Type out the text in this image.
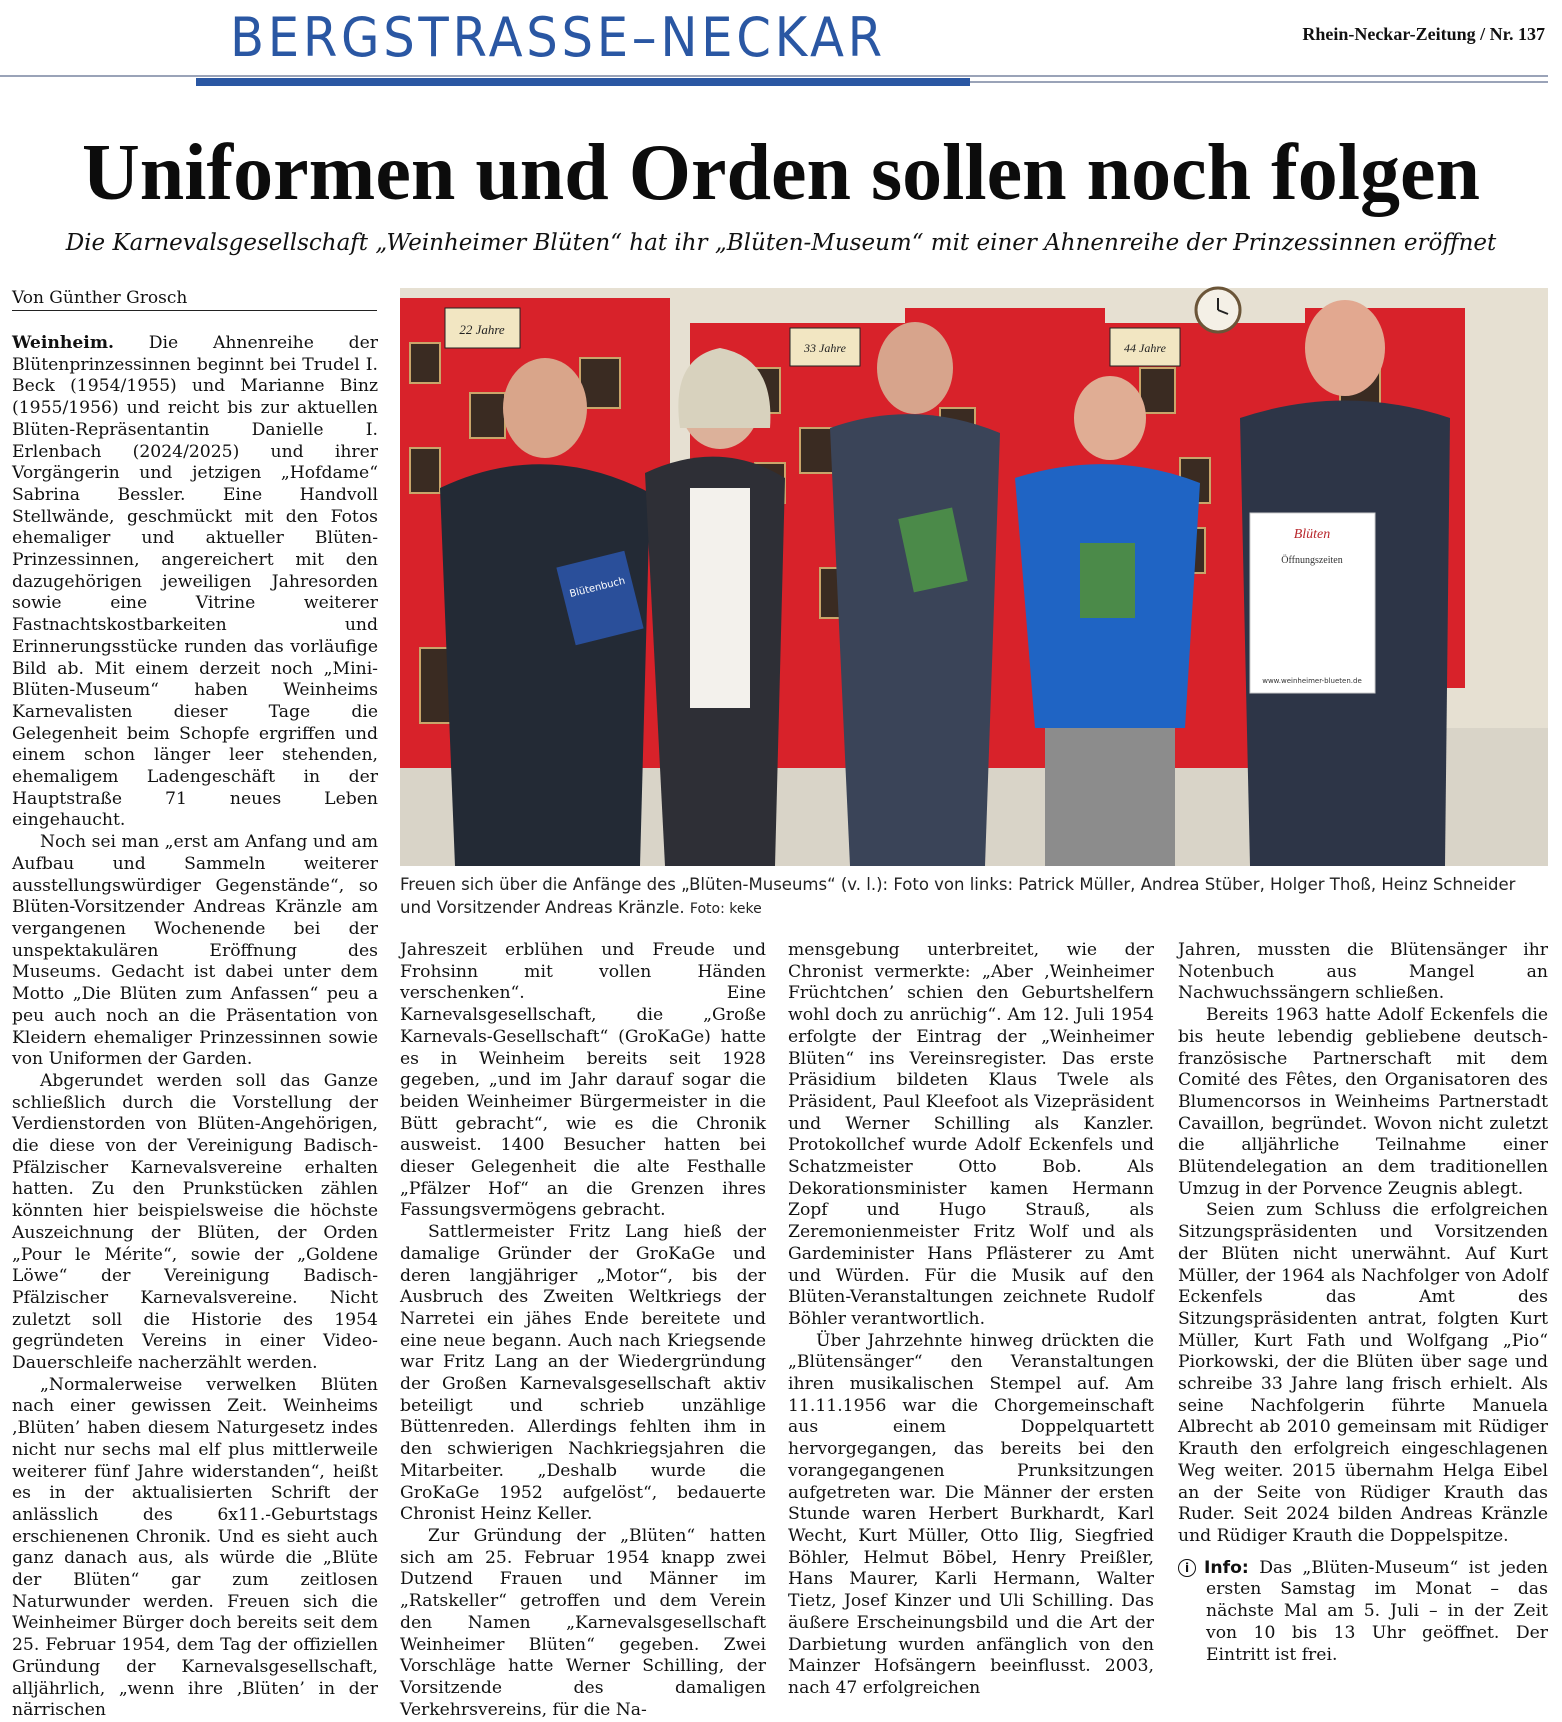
BERGSTRASSE–NECKAR	Rhein-Neckar-Zeitung / Nr. 137
Uniformen und Orden sollen noch folgen
Die Karnevalsgesellschaft „Weinheimer Blüten“ hat ihr „Blüten-Museum“ mit einer Ahnenreihe der Prinzessinnen eröffnet
Von Günther Grosch

Weinheim. Die Ahnenreihe der Blütenprinzessinnen beginnt bei Trudel I. Beck (1954/1955) und Marianne Binz (1955/1956) und reicht bis zur aktuellen Blüten-Repräsentantin Danielle I. Erlenbach (2024/2025) und ihrer Vorgängerin und jetzigen „Hofdame“ Sabrina Bessler. Eine Handvoll Stellwände, geschmückt mit den Fotos ehemaliger und aktueller Blüten-Prinzessinnen, angereichert mit den dazugehörigen jeweiligen Jahresorden sowie eine Vitrine weiterer Fastnachtskostbarkeiten und Erinnerungsstücke runden das vorläufige Bild ab. Mit einem derzeit noch „Mini-Blüten-Museum“ haben Weinheims Karnevalisten dieser Tage die Gelegenheit beim Schopfe ergriffen und einem schon länger leer stehenden, ehemaligem Ladengeschäft in der Hauptstraße 71 neues Leben eingehaucht.

Noch sei man „erst am Anfang und am Aufbau und Sammeln weiterer ausstellungswürdiger Gegenstände“, so Blüten-Vorsitzender Andreas Kränzle am vergangenen Wochenende bei der unspektakulären Eröffnung des Museums. Gedacht ist dabei unter dem Motto „Die Blüten zum Anfassen“ peu a peu auch noch an die Präsentation von Kleidern ehemaliger Prinzessinnen sowie von Uniformen der Garden.

Abgerundet werden soll das Ganze schließlich durch die Vorstellung der Verdienstorden von Blüten-Angehörigen, die diese von der Vereinigung Badisch-Pfälzischer Karnevalsvereine erhalten hatten. Zu den Prunkstücken zählen könnten hier beispielsweise die höchste Auszeichnung der Blüten, der Orden „Pour le Mérite“, sowie der „Goldene Löwe“ der Vereinigung Badisch-Pfälzischer Karnevalsvereine. Nicht zuletzt soll die Historie des 1954 gegründeten Vereins in einer Video-Dauerschleife nacherzählt werden.

„Normalerweise verwelken Blüten nach einer gewissen Zeit. Weinheims ‚Blüten’ haben diesem Naturgesetz indes nicht nur sechs mal elf plus mittlerweile weiterer fünf Jahre widerstanden“, heißt es in der aktualisierten Schrift der anlässlich des 6x11.-Geburtstags erschienenen Chronik. Und es sieht auch ganz danach aus, als würde die „Blüte der Blüten“ gar zum zeitlosen Naturwunder werden. Freuen sich die Weinheimer Bürger doch bereits seit dem 25. Februar 1954, dem Tag der offiziellen Gründung der Karnevalsgesellschaft, alljährlich, „wenn ihre ‚Blüten’ in der närrischen

22 Jahre
33 Jahre	44 Jahre
Blütenbuch
Blüten
Öffnungszeiten
www.weinheimer-blueten.de
Freuen sich über die Anfänge des „Blüten-Museums“ (v. l.): Foto von links: Patrick Müller, Andrea Stüber, Holger Thoß, Heinz Schneider und Vorsitzender Andreas Kränzle. Foto: keke

Jahreszeit erblühen und Freude und Frohsinn mit vollen Händen verschenken“. Eine Karnevalsgesellschaft, die „Große Karnevals-Gesellschaft“ (GroKaGe) hatte es in Weinheim bereits seit 1928 gegeben, „und im Jahr darauf sogar die beiden Weinheimer Bürgermeister in die Bütt gebracht“, wie es die Chronik ausweist. 1400 Besucher hatten bei dieser Gelegenheit die alte Festhalle „Pfälzer Hof“ an die Grenzen ihres Fassungsvermögens gebracht.

Sattlermeister Fritz Lang hieß der damalige Gründer der GroKaGe und deren langjähriger „Motor“, bis der Ausbruch des Zweiten Weltkriegs der Narretei ein jähes Ende bereitete und eine neue begann. Auch nach Kriegsende war Fritz Lang an der Wiedergründung der Großen Karnevalsgesellschaft aktiv beteiligt und schrieb unzählige Büttenreden. Allerdings fehlten ihm in den schwierigen Nachkriegsjahren die Mitarbeiter. „Deshalb wurde die GroKaGe 1952 aufgelöst“, bedauerte Chronist Heinz Keller.

Zur Gründung der „Blüten“ hatten sich am 25. Februar 1954 knapp zwei Dutzend Frauen und Männer im „Ratskeller“ getroffen und dem Verein den Namen „Karnevalsgesellschaft Weinheimer Blüten“ gegeben. Zwei Vorschläge hatte Werner Schilling, der Vorsitzende des damaligen Verkehrsvereins, für die Na-

mensgebung unterbreitet, wie der Chronist vermerkte: „Aber ‚Weinheimer Früchtchen’ schien den Geburtshelfern wohl doch zu anrüchig“. Am 12. Juli 1954 erfolgte der Eintrag der „Weinheimer Blüten“ ins Vereinsregister. Das erste Präsidium bildeten Klaus Twele als Präsident, Paul Kleefoot als Vizepräsident und Werner Schilling als Kanzler. Protokollchef wurde Adolf Eckenfels und Schatzmeister Otto Bob. Als Dekorationsminister kamen Hermann Zopf und Hugo Strauß, als Zeremonienmeister Fritz Wolf und als Gardeminister Hans Pflästerer zu Amt und Würden. Für die Musik auf den Blüten-Veranstaltungen zeichnete Rudolf Böhler verantwortlich.

Über Jahrzehnte hinweg drückten die „Blütensänger“ den Veranstaltungen ihren musikalischen Stempel auf. Am 11.11.1956 war die Chorgemeinschaft aus einem Doppelquartett hervorgegangen, das bereits bei den vorangegangenen Prunksitzungen aufgetreten war. Die Männer der ersten Stunde waren Herbert Burkhardt, Karl Wecht, Kurt Müller, Otto Ilig, Siegfried Böhler, Helmut Böbel, Henry Preißler, Hans Maurer, Karli Hermann, Walter Tietz, Josef Kinzer und Uli Schilling. Das äußere Erscheinungsbild und die Art der Darbietung wurden anfänglich von den Mainzer Hofsängern beeinflusst. 2003, nach 47 erfolgreichen

Jahren, mussten die Blütensänger ihr Notenbuch aus Mangel an Nachwuchssängern schließen.

Bereits 1963 hatte Adolf Eckenfels die bis heute lebendig gebliebene deutsch-französische Partnerschaft mit dem Comité des Fêtes, den Organisatoren des Blumencorsos in Weinheims Partnerstadt Cavaillon, begründet. Wovon nicht zuletzt die alljährliche Teilnahme einer Blütendelegation an dem traditionellen Umzug in der Porvence Zeugnis ablegt.

Seien zum Schluss die erfolgreichen Sitzungspräsidenten und Vorsitzenden der Blüten nicht unerwähnt. Auf Kurt Müller, der 1964 als Nachfolger von Adolf Eckenfels das Amt des Sitzungspräsidenten antrat, folgten Kurt Müller, Kurt Fath und Wolfgang „Pio“ Piorkowski, der die Blüten über sage und schreibe 33 Jahre lang frisch erhielt. Als seine Nachfolgerin führte Manuela Albrecht ab 2010 gemeinsam mit Rüdiger Krauth den erfolgreich eingeschlagenen Weg weiter. 2015 übernahm Helga Eibel an der Seite von Rüdiger Krauth das Ruder. Seit 2024 bilden Andreas Kränzle und Rüdiger Krauth die Doppelspitze.

i Info: Das „Blüten-Museum“ ist jeden ersten Samstag im Monat – das nächste Mal am 5. Juli – in der Zeit von 10 bis 13 Uhr geöffnet. Der Eintritt ist frei.
